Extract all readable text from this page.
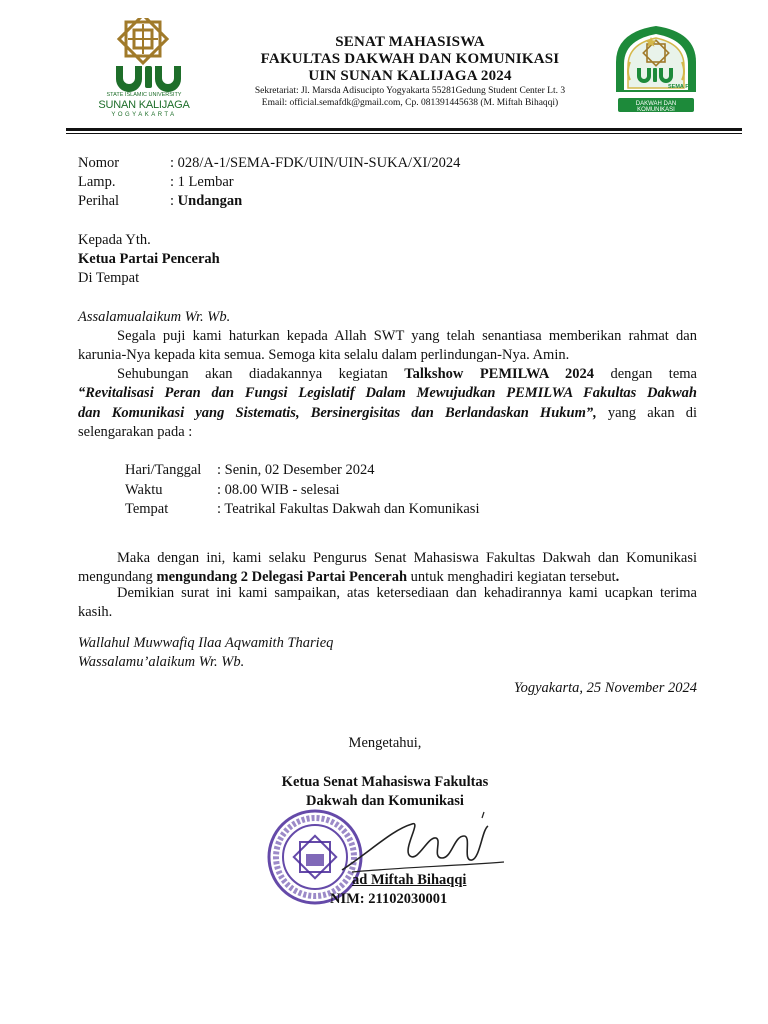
STATE ISLAMIC UNIVERSITY
SUNAN KALIJAGA
YOGYAKARTA
SENAT MAHASISWA
FAKULTAS DAKWAH DAN KOMUNIKASI
UIN SUNAN KALIJAGA 2024
Sekretariat: Jl. Marsda Adisucipto Yogyakarta 55281Gedung Student Center Lt. 3
Email: official.semafdk@gmail.com, Cp. 081391445638 (M. Miftah Bihaqqi)
SEMA F
DAKWAH DAN KOMUNIKASI
Nomor	: 028/A-1/SEMA-FDK/UIN/UIN-SUKA/XI/2024
Lamp.	: 1 Lembar
Perihal	: Undangan
Kepada Yth.
Ketua Partai Pencerah
Di Tempat
Assalamualaikum Wr. Wb.
Segala puji kami haturkan kepada Allah SWT yang telah senantiasa memberikan rahmat dan
karunia-Nya kepada kita semua. Semoga kita selalu dalam perlindungan-Nya. Amin.
Sehubungan akan diadakannya kegiatan Talkshow PEMILWA 2024 dengan tema
“Revitalisasi Peran dan Fungsi Legislatif Dalam Mewujudkan PEMILWA Fakultas Dakwah
dan Komunikasi yang Sistematis, Bersinergisitas dan Berlandaskan Hukum”, yang akan di
selengarakan pada :
Hari/Tanggal : Senin, 02 Desember 2024
Waktu	: 08.00 WIB - selesai
Tempat	: Teatrikal Fakultas Dakwah dan Komunikasi
Maka dengan ini, kami selaku Pengurus Senat Mahasiswa Fakultas Dakwah dan Komunikasi
mengundang mengundang 2 Delegasi Partai Pencerah untuk menghadiri kegiatan tersebut.
Demikian surat ini kami sampaikan, atas ketersediaan dan kehadirannya kami ucapkan terima
kasih.
Wallahul Muwwafiq Ilaa Aqwamith Tharieq
Wassalamu’alaikum Wr. Wb.
Yogyakarta, 25 November 2024
Mengetahui,
Ketua Senat Mahasiswa Fakultas
Dakwah dan Komunikasi
ad Miftah Bihaqqi
NIM: 21102030001
